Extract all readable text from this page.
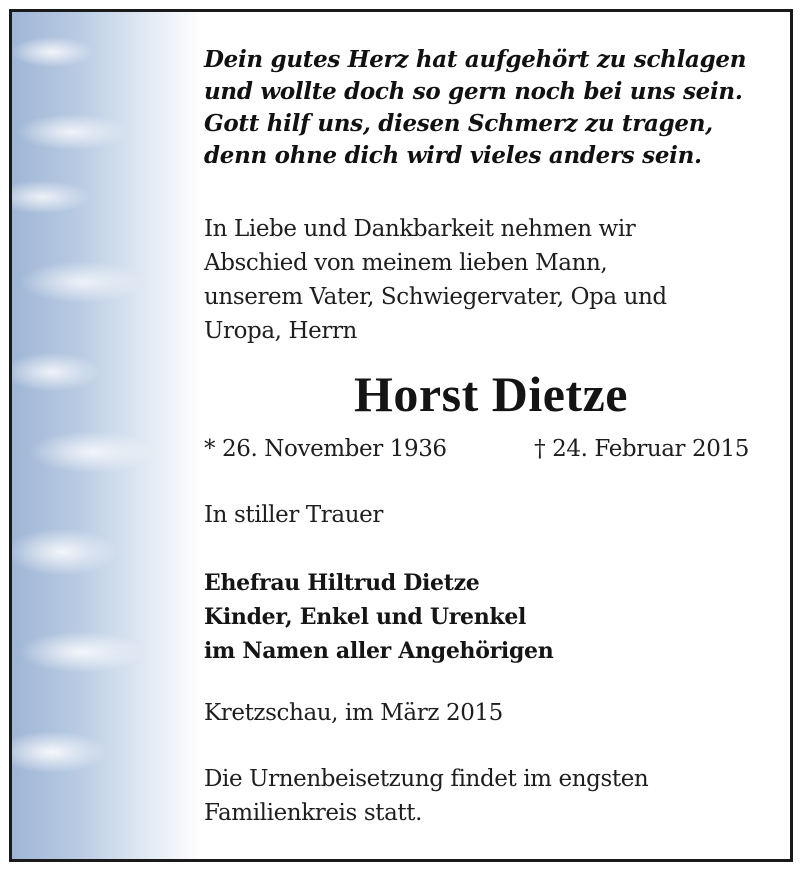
Dein gutes Herz hat aufgehört zu schlagen
und wollte doch so gern noch bei uns sein.
Gott hilf uns, diesen Schmerz zu tragen,
denn ohne dich wird vieles anders sein.
In Liebe und Dankbarkeit nehmen wir
Abschied von meinem lieben Mann,
unserem Vater, Schwiegervater, Opa und
Uropa, Herrn
Horst Dietze
* 26. November 1936	† 24. Februar 2015
In stiller Trauer
Ehefrau Hiltrud Dietze
Kinder, Enkel und Urenkel
im Namen aller Angehörigen
Kretzschau, im März 2015
Die Urnenbeisetzung findet im engsten
Familienkreis statt.
